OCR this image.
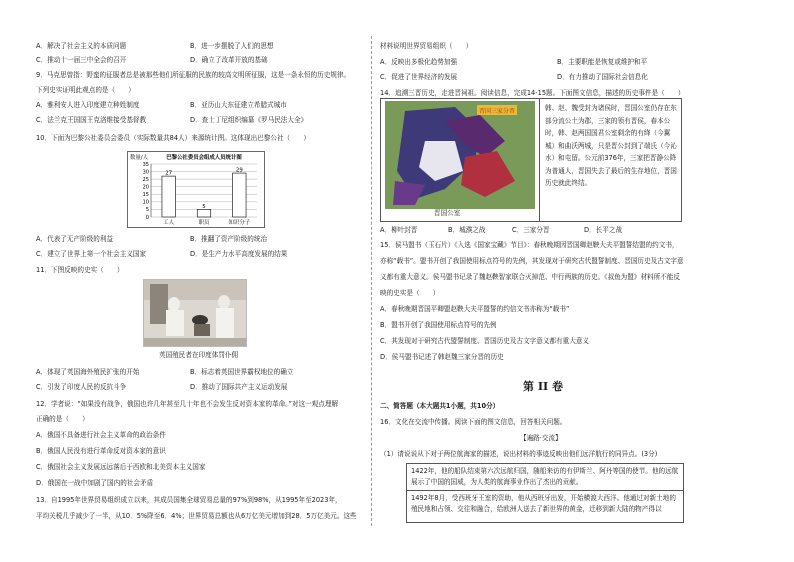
A．解决了社会主义的本质问题	B．进一步摆脱了人们的思想
C．推动十一届三中全会的召开	D．确立了改革开放的基础
9．马克思曾指：野蛮的征服者总是被那些他们所征服的民族的较高文明所征服，这是一条永恒的历史规律。
下列史实证明此观点的是（　　）
A．雅利安人进入印度建立种姓制度	B．亚历山大东征建立希腊式城市
C．法兰克王国国王克洛维接受基督教	D．查士丁尼组织编纂《罗马民法大全》
10．下面为巴黎公社委员会委员（实际数量共84人）来源统计图。这体现出巴黎公社（　　）
巴黎公社委员会组成人员统计图
数量/人
35
30
25
20
15
10
5
0
27
工人
5
职员
29
知识分子
A．代表了无产阶级的利益	B．推翻了资产阶级的统治
C．建立了世界上第一个社会主义国家	D．是生产力水平高度发展的结果
11．下图反映的史实（　　）
英国殖民者在印度体罚仆佣
A．体现了英国海外殖民扩张的开始	B．标志着英国世界霸权地位的确立
C．引发了印度人民的反抗斗争	D．推动了国际共产主义运动发展
12．学者说：“如果没有战争，俄国也许几年甚至几十年也不会发生反对资本家的革命。”对这一观点理解
正确的是（　　）
A．俄国不具备进行社会主义革命的政治条件
B．俄国人民没有进行革命反对资本家的意识
C．俄国社会主义发展远远落后于西欧和北美资本主义国家
D．俄国在一战中加剧了国内的社会矛盾
13．自1995年世界贸易组织成立以来，其成员国集全球贸易总量的97%到98%，从1995年至2023年，
平均关税几乎减少了一半，从10．5%降至6．4%；世界贸易总额也从6万亿美元增加到28．5万亿美元。这些
材料说明世界贸易组织（　　）
A．反映出多极化趋势加强	B．主要职能是恢复或维护和平
C．促进了世界经济的发展	D．有力推动了国际社会信息化
14．追溯三晋历史，走进晋祠祖。阅读信息，完成14-15题。下面图文信息，描述的历史事件是（　　）
晋国三家分晋
晋国公室
韩、赵、魏受封为诸侯时，晋国公室仍存在东部分流公土为郡，三家的领有晋侯，春本公时，韩、赵两国国君公室剩余的有绛（今翼城）和曲沃两城，只是晋公封到了端氏（今沁水）和屯留。公元前376年，三家把晋静公降为普通人，晋国失去了最后的生存地位，晋国历史就此终结。
A．柳叶封晋	B．城濮之战	C．三家分晋	D．长平之战
15．侯马盟书（玉石片）《入选《国家宝藏》节目》：春秋晚期因晋国卿赵鞅大夫平盟誓结盟的约文书，
亦称“载书”。盟书开创了我国使用标点符号的先例，其发现对于研究古代盟誓制度、晋国历史及古文字意
义都有重大意义。侯马盟书记录了魏赵鞅智家联合灭掉范、中行两族的历史。《叔鱼为盟》材料所不能反
映的史实是（　　）
A．春秋晚期晋国平卿盟赵鞅大夫平盟誓的约信文书亦称为“载书”
B．盟书开创了我国使用标点符号的先例
C．其发现对于研究古代盟誓制度、晋国历史及古文字意义都有重大意义
D．侯马盟书记述了韩赵魏三家分晋的历史
第 II 卷
二、简答题（本大题共1小题，共10分）
16．文化在交流中传播。阅读下面的图文信息，回答相关问题。
【遍路·交流】
（1）请说说从下对于两位航海家的描述，说出材料的事迹反映出他们远洋航行的同异点。(3分)
1422年，他的船队结束第六次远航归国，随船来访的有伊斯兰、阿丹等国的使节。他的远航展示了中国的国威，为人类的航海事业作出了杰出的贡献。
1492年8月，受西班牙王室的资助，他从西班牙出发，开始横渡大西洋。他通过对新土地的殖民地和占领、交往和融合，给欧洲人送去了新世界的黄金，迁移到新大陆的物产得以
